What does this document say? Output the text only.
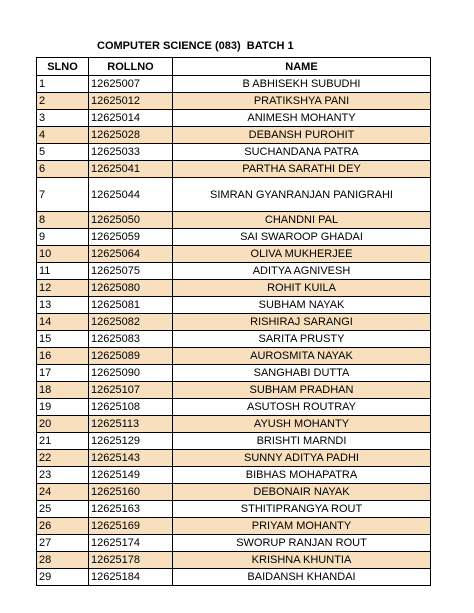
COMPUTER SCIENCE (083)  BATCH 1
SLNO	ROLLNO	NAME
1	12625007	B ABHISEKH SUBUDHI
2	12625012	PRATIKSHYA PANI
3	12625014	ANIMESH MOHANTY
4	12625028	DEBANSH PUROHIT
5	12625033	SUCHANDANA PATRA
6	12625041	PARTHA SARATHI DEY
7	12625044	SIMRAN GYANRANJAN PANIGRAHI
8	12625050	CHANDNI PAL
9	12625059	SAI SWAROOP GHADAI
10	12625064	OLIVA MUKHERJEE
11	12625075	ADITYA AGNIVESH
12	12625080	ROHIT KUILA
13	12625081	SUBHAM NAYAK
14	12625082	RISHIRAJ SARANGI
15	12625083	SARITA PRUSTY
16	12625089	AUROSMITA NAYAK
17	12625090	SANGHABI DUTTA
18	12625107	SUBHAM PRADHAN
19	12625108	ASUTOSH ROUTRAY
20	12625113	AYUSH MOHANTY
21	12625129	BRISHTI MARNDI
22	12625143	SUNNY ADITYA PADHI
23	12625149	BIBHAS MOHAPATRA
24	12625160	DEBONAIR NAYAK
25	12625163	STHITIPRANGYA ROUT
26	12625169	PRIYAM MOHANTY
27	12625174	SWORUP RANJAN ROUT
28	12625178	KRISHNA KHUNTIA
29	12625184	BAIDANSH KHANDAI
